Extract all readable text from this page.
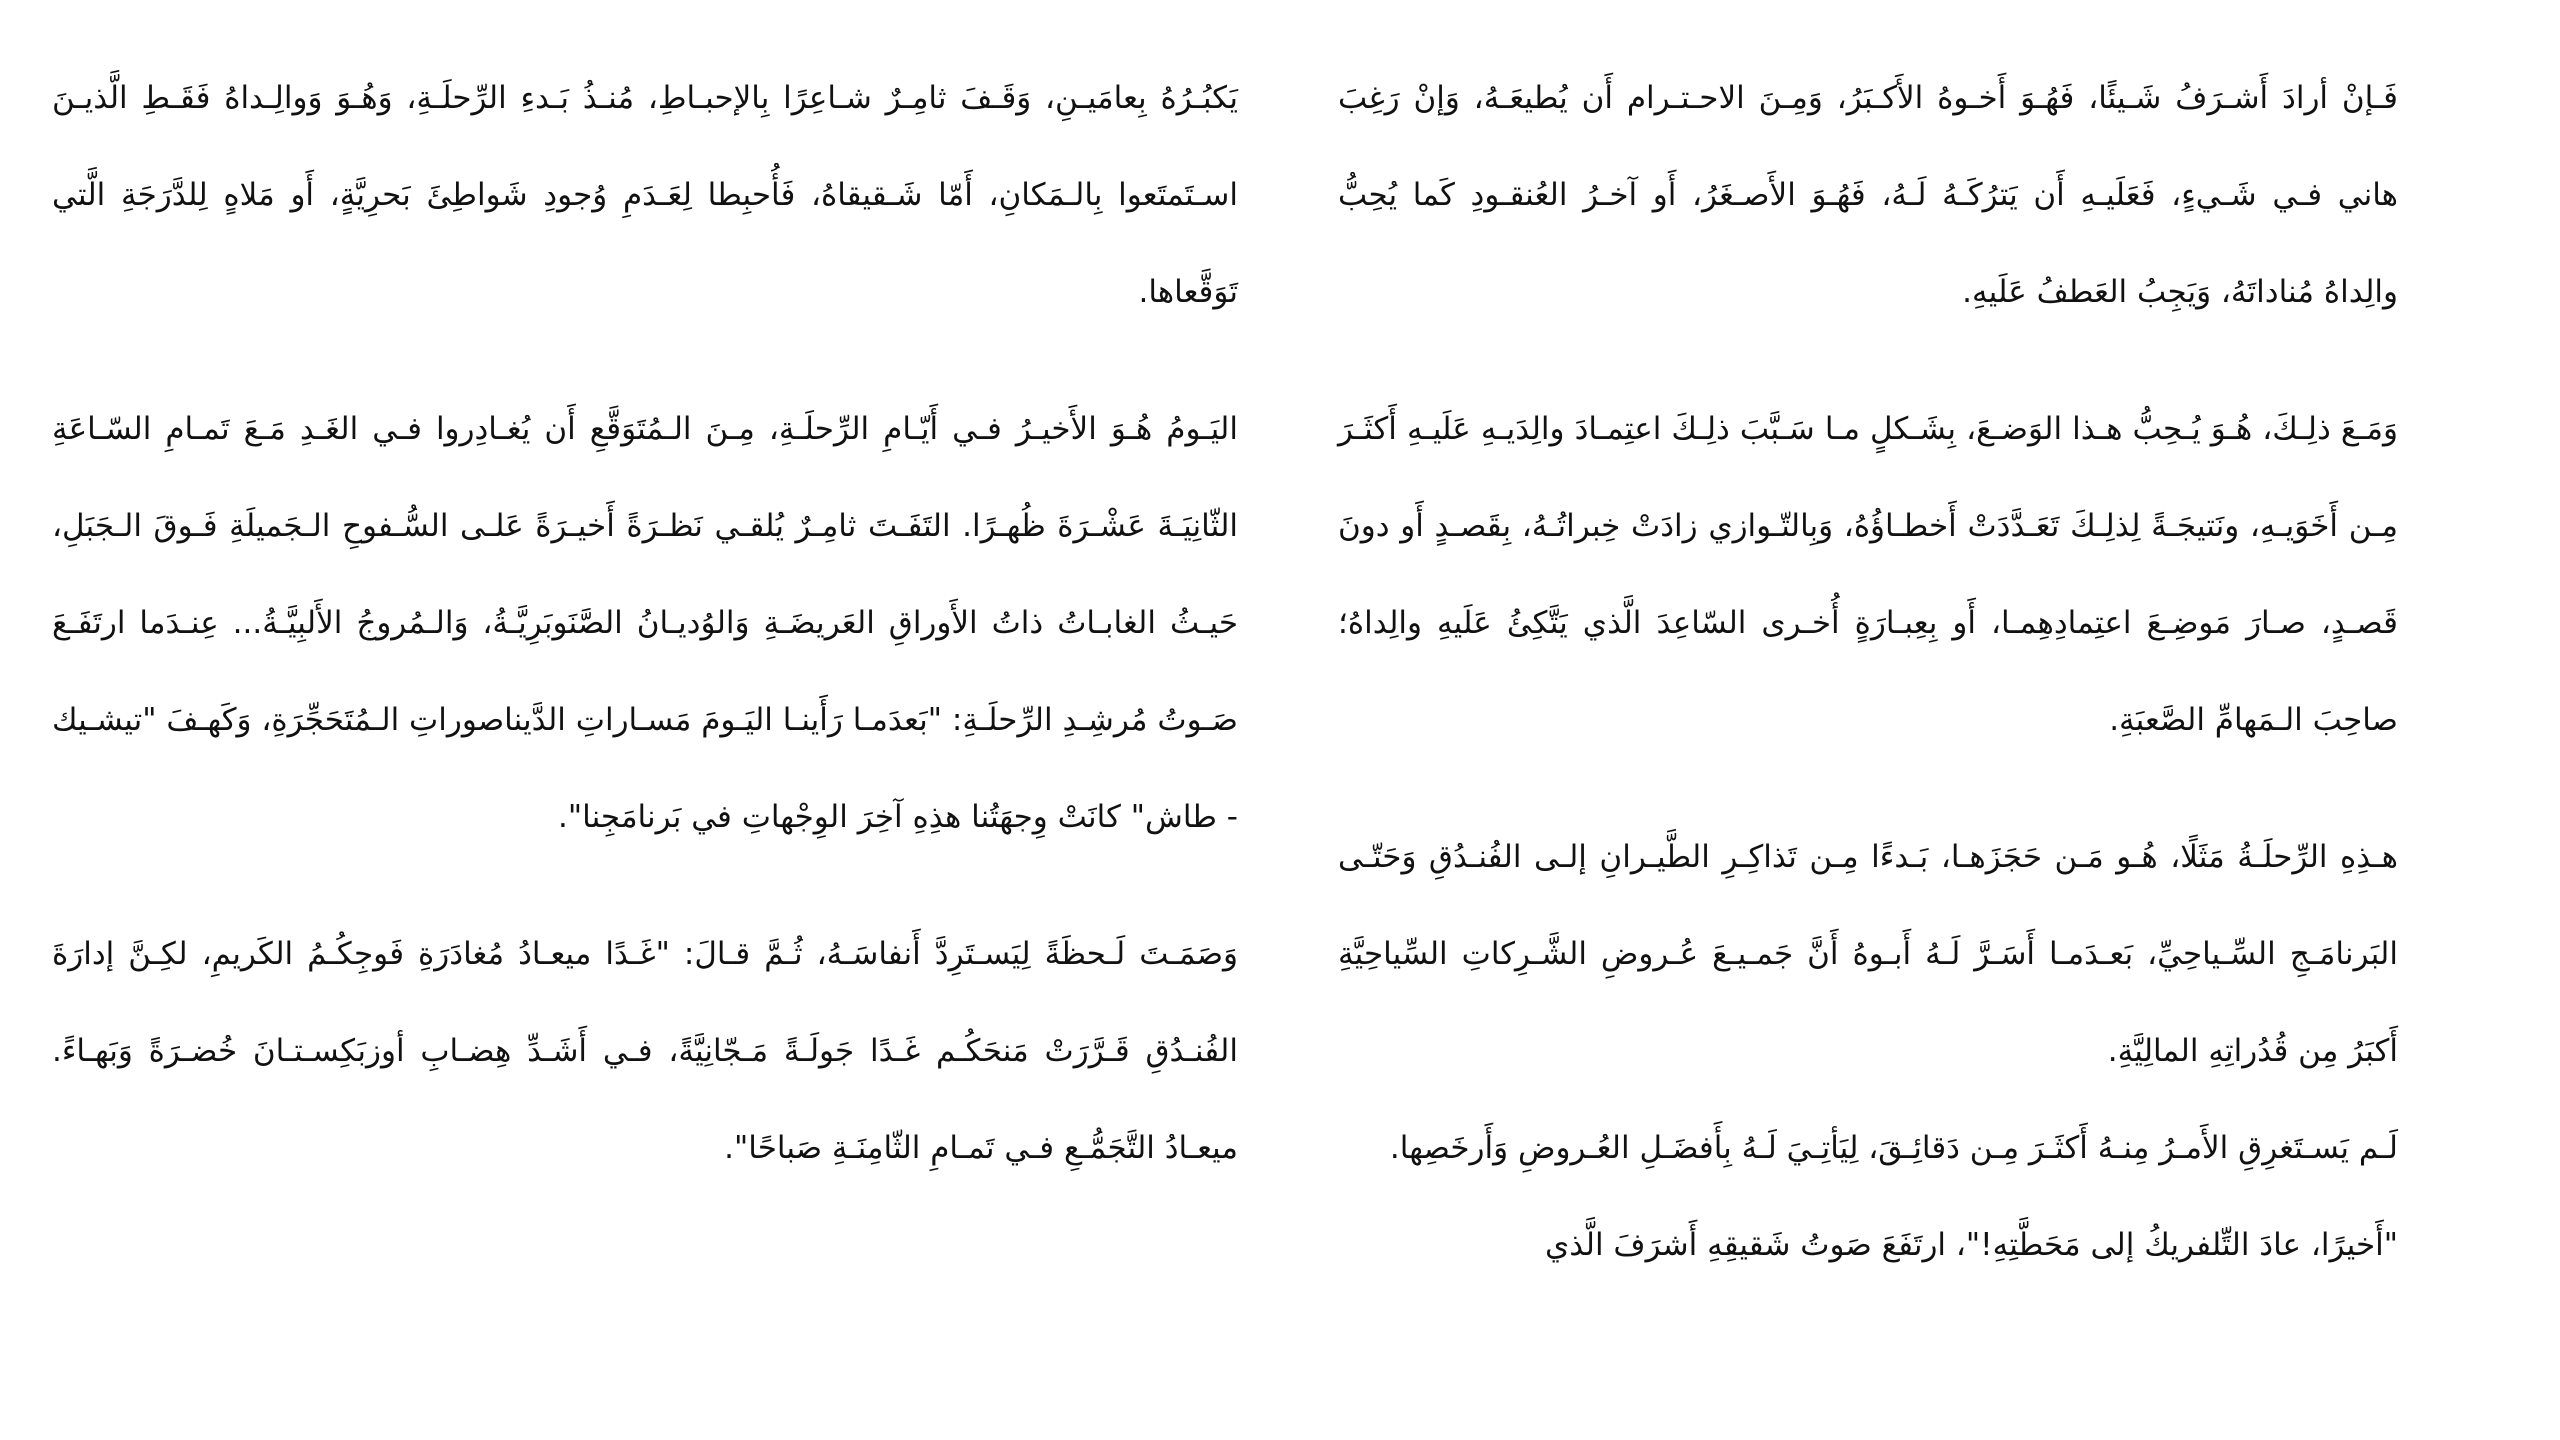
فَـإنْ أرادَ أَشـرَفُ شَـيئًا، فَهُـوَ أَخـوهُ الأَكـبَرُ، وَمِـنَ الاحـتـرام أَن يُطيعَـهُ، وَإنْ رَغِبَ هاني فـي شَـيءٍ، فَعَلَيـهِ أَن يَترُكَـهُ لَـهُ، فَهُـوَ الأَصـغَرُ، أَو آخـرُ العُنقـودِ كَما يُحِبُّ والِداهُ مُناداتَهُ، وَيَجِبُ العَطفُ عَلَيهِ.

وَمَـعَ ذلِـكَ، هُـوَ يُـحِبُّ هـذا الوَضـعَ، بِشَـكلٍ مـا سَـبَّبَ ذلِـكَ اعتِمـادَ والِدَيـهِ عَلَيـهِ أَكثَـرَ مِـن أَخَوَيـهِ، ونَتيجَـةً لِذلِـكَ تَعَـدَّدَتْ أَخطـاؤُهُ، وَبِالتّـوازي زادَتْ خِبراتُـهُ، بِقَصـدٍ أَو دونَ قَصـدٍ، صـارَ مَوضِـعَ اعتِمادِهِمـا، أَو بِعِبـارَةٍ أُخـرى السّاعِدَ الَّذي يَتَّكِئُ عَلَيهِ والِداهُ؛ صاحِبَ الـمَهامِّ الصَّعبَةِ.

هـذِهِ الرِّحلَـةُ مَثَلًا، هُـو مَـن حَجَزَهـا، بَـدءًا مِـن تَذاكِـرِ الطَّيـرانِ إلـى الفُنـدُقِ وَحَتّـى البَرنامَـجِ السِّـياحِيِّ، بَعـدَمـا أَسَـرَّ لَـهُ أَبـوهُ أَنَّ جَمـيـعَ عُـروضِ الشَّـرِكاتِ السِّياحِيَّةِ أَكبَرُ مِن قُدُراتِهِ المالِيَّةِ.

لَـم يَسـتَغرِقِ الأَمـرُ مِنـهُ أَكثَـرَ مِـن دَقائِـقَ، لِيَأتِـيَ لَـهُ بِأَفضَـلِ العُـروضِ وَأَرخَصِها.

"أَخيرًا، عادَ التِّلفريكُ إلى مَحَطَّتِهِ!"، ارتَفَعَ صَوتُ شَقيقِهِ أَشرَفَ الَّذي

يَكبُـرُهُ بِعامَيـنِ، وَقَـفَ ثامِـرٌ شـاعِرًا بِالإحبـاطِ، مُنـذُ بَـدءِ الرِّحلَـةِ، وَهُـوَ وَوالِـداهُ فَقَـطِ الَّذيـنَ اسـتَمتَعوا بِالـمَكانِ، أَمّا شَـقيقاهُ، فَأُحبِطا لِعَـدَمِ وُجودِ شَواطِئَ بَحرِيَّةٍ، أَو مَلاهٍ لِلدَّرَجَةِ الَّتي تَوَقَّعاها.

اليَـومُ هُـوَ الأَخيـرُ فـي أَيّـامِ الرِّحلَـةِ، مِـنَ الـمُتَوَقَّعِ أَن يُغـادِروا فـي الغَـدِ مَـعَ تَمـامِ السّـاعَةِ الثّانِيَـةَ عَشْـرَةَ ظُهـرًا. التَفَـتَ ثامِـرٌ يُلقـي نَظـرَةً أَخيـرَةً عَلـى السُّـفوحِ الـجَميلَةِ فَـوقَ الـجَبَلِ، حَيـثُ الغابـاتُ ذاتُ الأَوراقِ العَريضَـةِ وَالوُديـانُ الصَّنَوبَرِيَّـةُ، وَالـمُروجُ الأَلبِيَّـةُ... عِنـدَما ارتَفَـعَ صَـوتُ مُرشِـدِ الرِّحلَـةِ: "بَعدَمـا رَأَينـا اليَـومَ مَسـاراتِ الدَّيناصوراتِ الـمُتَحَجِّرَةِ، وَكَهـفَ "تيشـيك - طاش" كانَتْ وِجهَتُنا هذِهِ آخِرَ الوِجْهاتِ في بَرنامَجِنا".

وَصَمَـتَ لَـحظَةً لِيَسـتَرِدَّ أَنفاسَـهُ، ثُـمَّ قـالَ: "غَـدًا ميعـادُ مُغادَرَةِ فَوجِكُـمُ الكَريمِ، لكِـنَّ إدارَةَ الفُنـدُقِ قَـرَّرَتْ مَنحَكُـم غَـدًا جَولَـةً مَـجّانِيَّةً، فـي أَشَـدِّ هِضـابِ أوزبَكِسـتـانَ خُضـرَةً وَبَهـاءً. ميعـادُ التَّجَمُّـعِ فـي تَمـامِ الثّامِنَـةِ صَباحًا".
